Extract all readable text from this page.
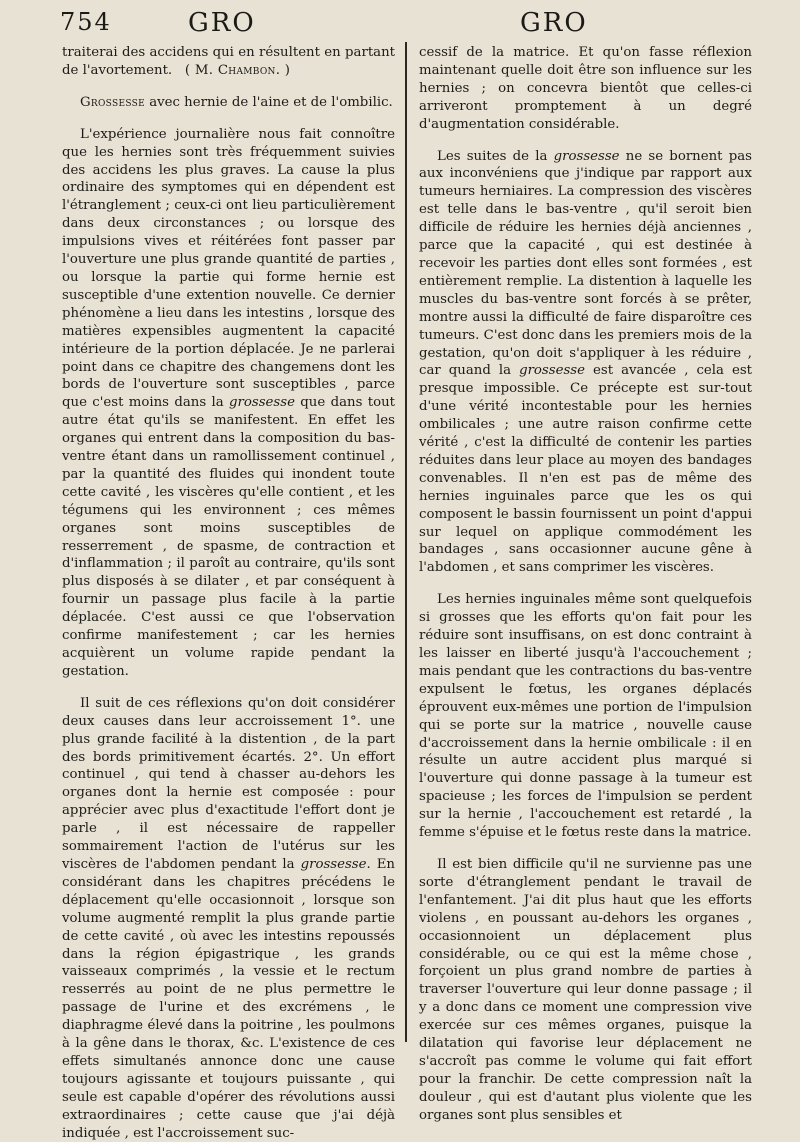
754	GRO	GRO

traiterai des accidens qui en résultent en partant de l'avortement. ( M. Chambon. )

Grossesse avec hernie de l'aine et de l'ombilic.

L'expérience journalière nous fait connoître que les hernies sont très fréquemment suivies des accidens les plus graves. La cause la plus ordinaire des symptomes qui en dépendent est l'étranglement ; ceux-ci ont lieu particulièrement dans deux circonstances ; ou lorsque des impulsions vives et réitérées font passer par l'ouverture une plus grande quantité de parties , ou lorsque la partie qui forme hernie est susceptible d'une extention nouvelle. Ce dernier phénomène a lieu dans les intestins , lorsque des matières expensibles augmentent la capacité intérieure de la portion déplacée. Je ne parlerai point dans ce chapitre des changemens dont les bords de l'ouverture sont susceptibles , parce que c'est moins dans la grossesse que dans tout autre état qu'ils se manifestent. En effet les organes qui entrent dans la composition du bas-ventre étant dans un ramollissement continuel , par la quantité des fluides qui inondent toute cette cavité , les viscères qu'elle contient , et les tégumens qui les environnent ; ces mêmes organes sont moins susceptibles de resserrement , de spasme, de contraction et d'inflammation ; il paroît au contraire, qu'ils sont plus disposés à se dilater , et par conséquent à fournir un passage plus facile à la partie déplacée. C'est aussi ce que l'observation confirme manifestement ; car les hernies acquièrent un volume rapide pendant la gestation.

Il suit de ces réflexions qu'on doit considérer deux causes dans leur accroissement 1°. une plus grande facilité à la distention , de la part des bords primitivement écartés. 2°. Un effort continuel , qui tend à chasser au-dehors les organes dont la hernie est composée : pour apprécier avec plus d'exactitude l'effort dont je parle , il est nécessaire de rappeller sommairement l'action de l'utérus sur les viscères de l'abdomen pendant la grossesse. En considérant dans les chapitres précédens le déplacement qu'elle occasionnoit , lorsque son volume augmenté remplit la plus grande partie de cette cavité , où avec les intestins repoussés dans la région épigastrique , les grands vaisseaux comprimés , la vessie et le rectum resserrés au point de ne plus permettre le passage de l'urine et des excrémens , le diaphragme élevé dans la poitrine , les poulmons à la gêne dans le thorax, &c. L'existence de ces effets simultanés annonce donc une cause toujours agissante et toujours puissante , qui seule est capable d'opérer des révolutions aussi extraordinaires ; cette cause que j'ai déjà indiquée , est l'accroissement suc-

cessif de la matrice. Et qu'on fasse réflexion maintenant quelle doit être son influence sur les hernies ; on concevra bientôt que celles-ci arriveront promptement à un degré d'augmentation considérable.

Les suites de la grossesse ne se bornent pas aux inconvéniens que j'indique par rapport aux tumeurs herniaires. La compression des viscères est telle dans le bas-ventre , qu'il seroit bien difficile de réduire les hernies déjà anciennes , parce que la capacité , qui est destinée à recevoir les parties dont elles sont formées , est entièrement remplie. La distention à laquelle les muscles du bas-ventre sont forcés à se prêter, montre aussi la difficulté de faire disparoître ces tumeurs. C'est donc dans les premiers mois de la gestation, qu'on doit s'appliquer à les réduire , car quand la grossesse est avancée , cela est presque impossible. Ce précepte est sur-tout d'une vérité incontestable pour les hernies ombilicales ; une autre raison confirme cette vérité , c'est la difficulté de contenir les parties réduites dans leur place au moyen des bandages convenables. Il n'en est pas de même des hernies inguinales parce que les os qui composent le bassin fournissent un point d'appui sur lequel on applique commodément les bandages , sans occasionner aucune gêne à l'abdomen , et sans comprimer les viscères.

Les hernies inguinales même sont quelquefois si grosses que les efforts qu'on fait pour les réduire sont insuffisans, on est donc contraint à les laisser en liberté jusqu'à l'accouchement ; mais pendant que les contractions du bas-ventre expulsent le fœtus, les organes déplacés éprouvent eux-mêmes une portion de l'impulsion qui se porte sur la matrice , nouvelle cause d'accroissement dans la hernie ombilicale : il en résulte un autre accident plus marqué si l'ouverture qui donne passage à la tumeur est spacieuse ; les forces de l'impulsion se perdent sur la hernie , l'accouchement est retardé , la femme s'épuise et le fœtus reste dans la matrice.

Il est bien difficile qu'il ne survienne pas une sorte d'étranglement pendant le travail de l'enfantement. J'ai dit plus haut que les efforts violens , en poussant au-dehors les organes , occasionnoient un déplacement plus considérable, ou ce qui est la même chose , forçoient un plus grand nombre de parties à traverser l'ouverture qui leur donne passage ; il y a donc dans ce moment une compression vive exercée sur ces mêmes organes, puisque la dilatation qui favorise leur déplacement ne s'accroît pas comme le volume qui fait effort pour la franchir. De cette compression naît la douleur , qui est d'autant plus violente que les organes sont plus sensibles et
